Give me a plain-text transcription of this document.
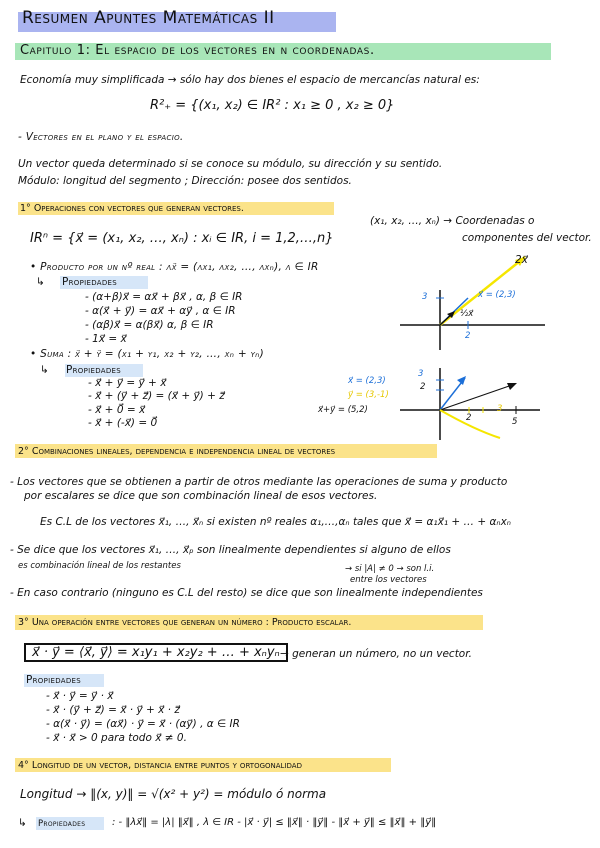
Resumen Apuntes Matemáticas II
Capitulo 1: El espacio de los vectores en n coordenadas.
Economía muy simplificada → sólo hay dos bienes el espacio de mercancías natural es:
R²₊ = {(x₁, x₂) ∈ IR² : x₁ ≥ 0 , x₂ ≥ 0}
- Vectores en el plano y el espacio.
Un vector queda determinado si se conoce su módulo, su dirección y su sentido.
Módulo: longitud del segmento ; Dirección: posee dos sentidos.
1° Operaciones con vectores que generan vectores.
(x₁, x₂, …, xₙ) → Coordenadas o
componentes del vector.
IRⁿ = {x⃗ = (x₁, x₂, …, xₙ) : xᵢ ∈ IR, i = 1,2,…,n}
• Producto por un nº real : λx⃗ = (λx₁, λx₂, …, λxₙ), λ ∈ IR
↳ Propiedades
- (α+β)x⃗ = αx⃗ + βx⃗ , α, β ∈ IR
- α(x⃗ + y⃗) = αx⃗ + αy⃗ , α ∈ IR
- (αβ)x⃗ = α(βx⃗) α, β ∈ IR
- 1x⃗ = x⃗
• Suma : x⃗ + y⃗ = (x₁ + y₁, x₂ + y₂, …, xₙ + yₙ)
↳ Propiedades
- x⃗ + y⃗ = y⃗ + x⃗
- x⃗ + (y⃗ + z⃗) = (x⃗ + y⃗) + z⃗
- x⃗ + 0⃗ = x⃗
- x⃗ + (-x⃗) = 0⃗
2x⃗
x⃗ = (2,3)
½x⃗
3
2
x⃗ = (2,3)
y⃗ = (3,-1)
x⃗+y⃗ = (5,2)
3
2
2
3
5
2° Combinaciones lineales, dependencia e independencia lineal de vectores
- Los vectores que se obtienen a partir de otros mediante las operaciones de suma y producto
por escalares se dice que son combinación lineal de esos vectores.
Es C.L de los vectores x⃗₁, …, x⃗ₙ si existen nº reales α₁,…,αₙ tales que x⃗ = α₁x⃗₁ + … + αₙxₙ
- Se dice que los vectores x⃗₁, …, x⃗ₚ son linealmente dependientes si alguno de ellos
es combinación lineal de los restantes	→ si |A| ≠ 0 → son l.i.
entre los vectores
- En caso contrario (ninguno es C.L del resto) se dice que son linealmente independientes
3° Una operación entre vectores que generan un número : Producto escalar.
x⃗ · y⃗ = ⟨x⃗, y⃗⟩ = x₁y₁ + x₂y₂ + … + xₙyₙ → generan un número, no un vector.
Propiedades
- x⃗ · y⃗ = y⃗ · x⃗
- x⃗ · (y⃗ + z⃗) = x⃗ · y⃗ + x⃗ · z⃗
- α(x⃗ · y⃗) = (αx⃗) · y⃗ = x⃗ · (αy⃗) , α ∈ IR
- x⃗ · x⃗ > 0 para todo x⃗ ≠ 0.
4° Longitud de un vector, distancia entre puntos y ortogonalidad
Longitud → ‖(x, y)‖ = √(x² + y²) = módulo ó norma
↳ Propiedades	: - ‖λx⃗‖ = |λ| ‖x⃗‖ , λ ∈ IR - |x⃗ · y⃗| ≤ ‖x⃗‖ · ‖y⃗‖ - ‖x⃗ + y⃗‖ ≤ ‖x⃗‖ + ‖y⃗‖
